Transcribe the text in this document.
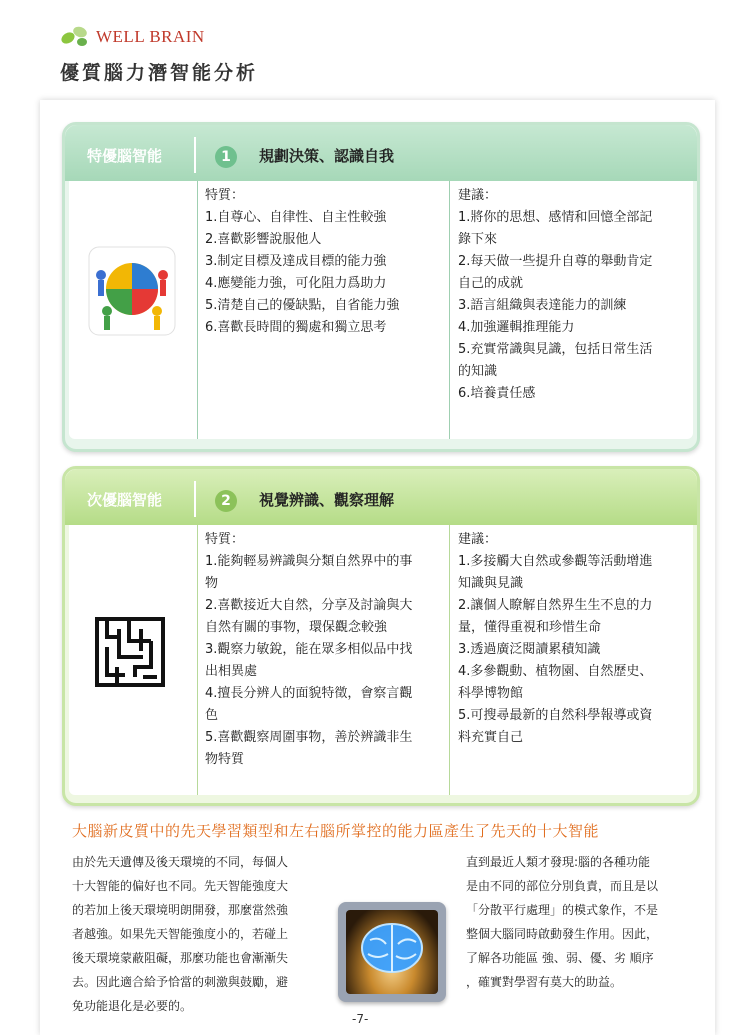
WELL BRAIN
優質腦力潛智能分析
特優腦智能	1	規劃決策、認識自我
特質：
1.自尊心、自律性、自主性較強
2.喜歡影響說服他人
3.制定目標及達成目標的能力強
4.應變能力強，可化阻力爲助力
5.清楚自己的優缺點，自省能力強
6.喜歡長時間的獨處和獨立思考
建議：
1.將你的思想、感情和回憶全部記
錄下來
2.每天做一些提升自尊的舉動肯定
自己的成就
3.語言組織與表達能力的訓練
4.加強邏輯推理能力
5.充實常識與見識，包括日常生活
的知識
6.培養責任感
次優腦智能	2	視覺辨識、觀察理解
特質：
1.能夠輕易辨識與分類自然界中的事
物
2.喜歡接近大自然，分享及討論與大
自然有關的事物，環保觀念較強
3.觀察力敏銳，能在眾多相似品中找
出相異處
4.擅長分辨人的面貌特徵，會察言觀
色
5.喜歡觀察周圍事物，善於辨識非生
物特質
建議：
1.多接觸大自然或參觀等活動增進
知識與見識
2.讓個人瞭解自然界生生不息的力
量，懂得重視和珍惜生命
3.透過廣泛閱讀累積知識
4.多參觀動、植物園、自然歷史、
科學博物館
5.可搜尋最新的自然科學報導或資
料充實自己
大腦新皮質中的先天學習類型和左右腦所掌控的能力區產生了先天的十大智能
由於先天遺傳及後天環境的不同，每個人
十大智能的偏好也不同。先天智能強度大
的若加上後天環境明朗開發，那麼當然強
者越強。如果先天智能強度小的，若碰上
後天環境蒙蔽阻礙，那麼功能也會漸漸失
去。因此適合給予恰當的刺激與鼓勵，避
免功能退化是必要的。
直到最近人類才發現:腦的各種功能
是由不同的部位分別負責，而且是以
「分散平行處理」的模式象作，不是
整個大腦同時啟動發生作用。因此，
了解各功能區 強、弱、優、劣 順序
，確實對學習有莫大的助益。
-7-
